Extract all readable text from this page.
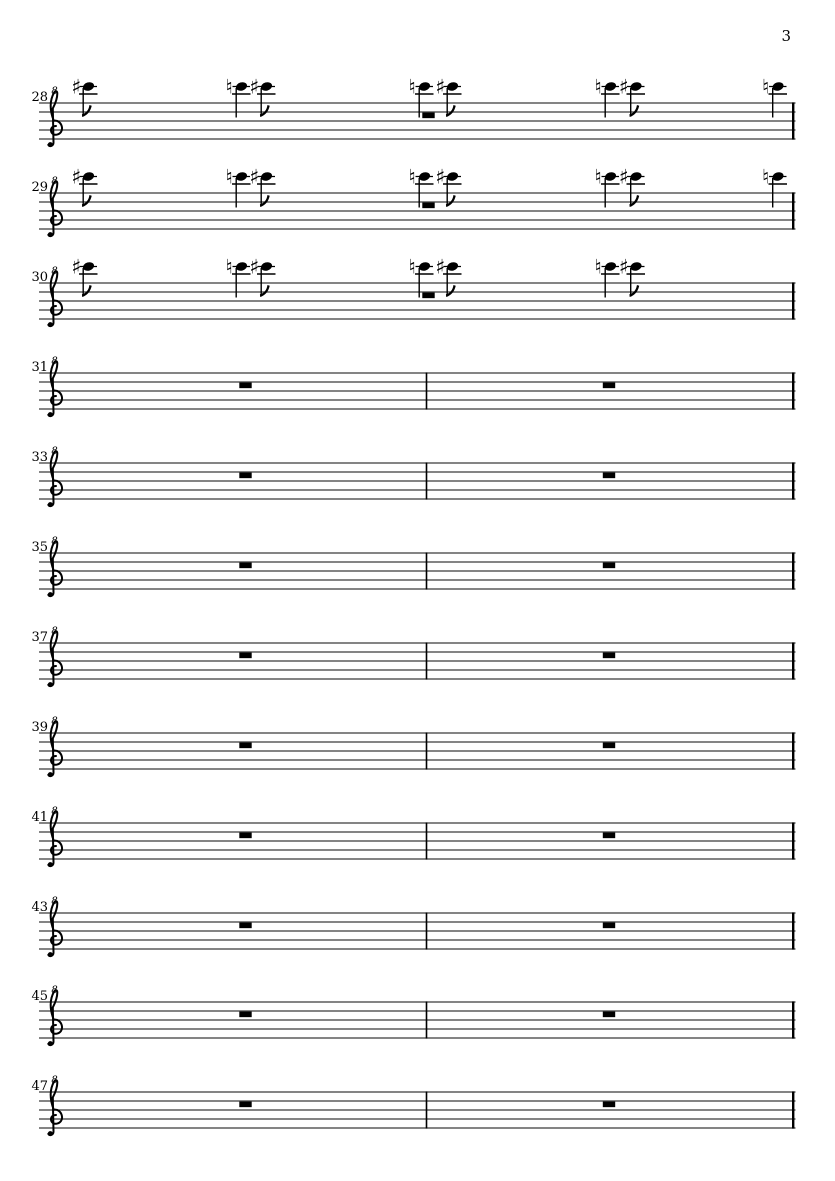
3
28 8 ♯	♮ ♯	♮ ♯	♮ ♯	♮
29 8 ♯	♮ ♯	♮ ♯	♮ ♯	♮
30 8 ♯	♮ ♯	♮ ♯	♮ ♯
31 8
33 8
35 8
37 8
39 8
41 8
43 8
45 8
47 8
